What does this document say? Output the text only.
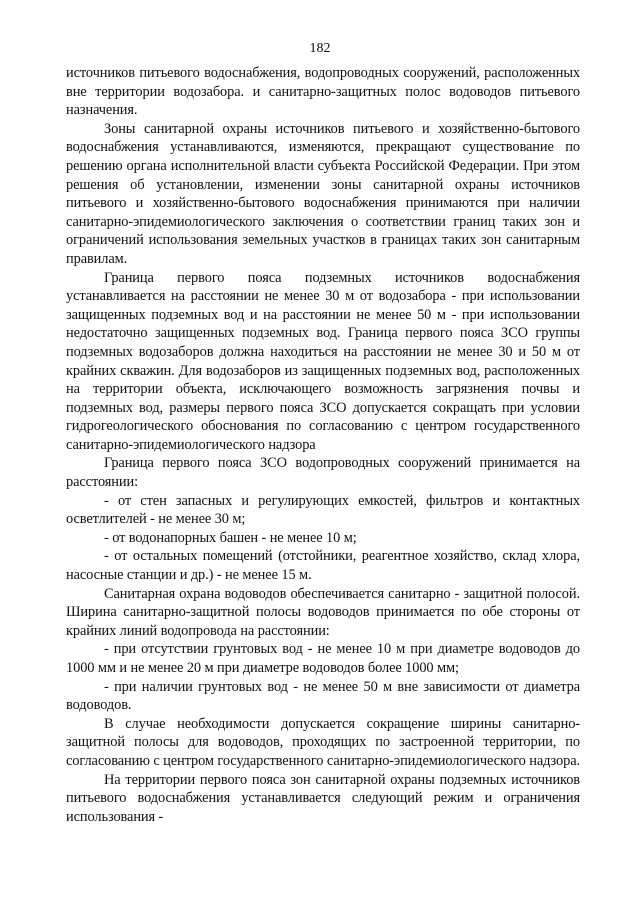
182

источников питьевого водоснабжения, водопроводных сооружений, расположенных вне территории водозабора. и санитарно-защитных полос водоводов питьевого назначения.

Зоны санитарной охраны источников питьевого и хозяйственно-бытового водоснабжения устанавливаются, изменяются, прекращают существование по решению органа исполнительной власти субъекта Российской Федерации. При этом решения об установлении, изменении зоны санитарной охраны источников питьевого и хозяйственно-бытового водоснабжения принимаются при наличии санитарно-эпидемиологического заключения о соответствии границ таких зон и ограничений использования земельных участков в границах таких зон санитарным правилам.

Граница первого пояса подземных источников водоснабжения устанавливается на расстоянии не менее 30 м от водозабора - при использовании защищенных подземных вод и на расстоянии не менее 50 м - при использовании недостаточно защищенных подземных вод. Граница первого пояса ЗСО группы подземных водозаборов должна находиться на расстоянии не менее 30 и 50 м от крайних скважин. Для водозаборов из защищенных подземных вод, расположенных на территории объекта, исключающего возможность загрязнения почвы и подземных вод, размеры первого пояса ЗСО допускается сокращать при условии гидрогеологического обоснования по согласованию с центром государственного санитарно-эпидемиологического надзора

Граница первого пояса ЗСО водопроводных сооружений принимается на расстоянии:

- от стен запасных и регулирующих емкостей, фильтров и контактных осветлителей - не менее 30 м;

- от водонапорных башен - не менее 10 м;

- от остальных помещений (отстойники, реагентное хозяйство, склад хлора, насосные станции и др.) - не менее 15 м.

Санитарная охрана водоводов обеспечивается санитарно - защитной полосой. Ширина санитарно-защитной полосы водоводов принимается по обе стороны от крайних линий водопровода на расстоянии:

- при отсутствии грунтовых вод - не менее 10 м при диаметре водоводов до 1000 мм и не менее 20 м при диаметре водоводов более 1000 мм;

- при наличии грунтовых вод - не менее 50 м вне зависимости от диаметра водоводов.

В случае необходимости допускается сокращение ширины санитарно-защитной полосы для водоводов, проходящих по застроенной территории, по согласованию с центром государственного санитарно-эпидемиологического надзора.

На территории первого пояса зон санитарной охраны подземных источников питьевого водоснабжения устанавливается следующий режим и ограничения использования -
